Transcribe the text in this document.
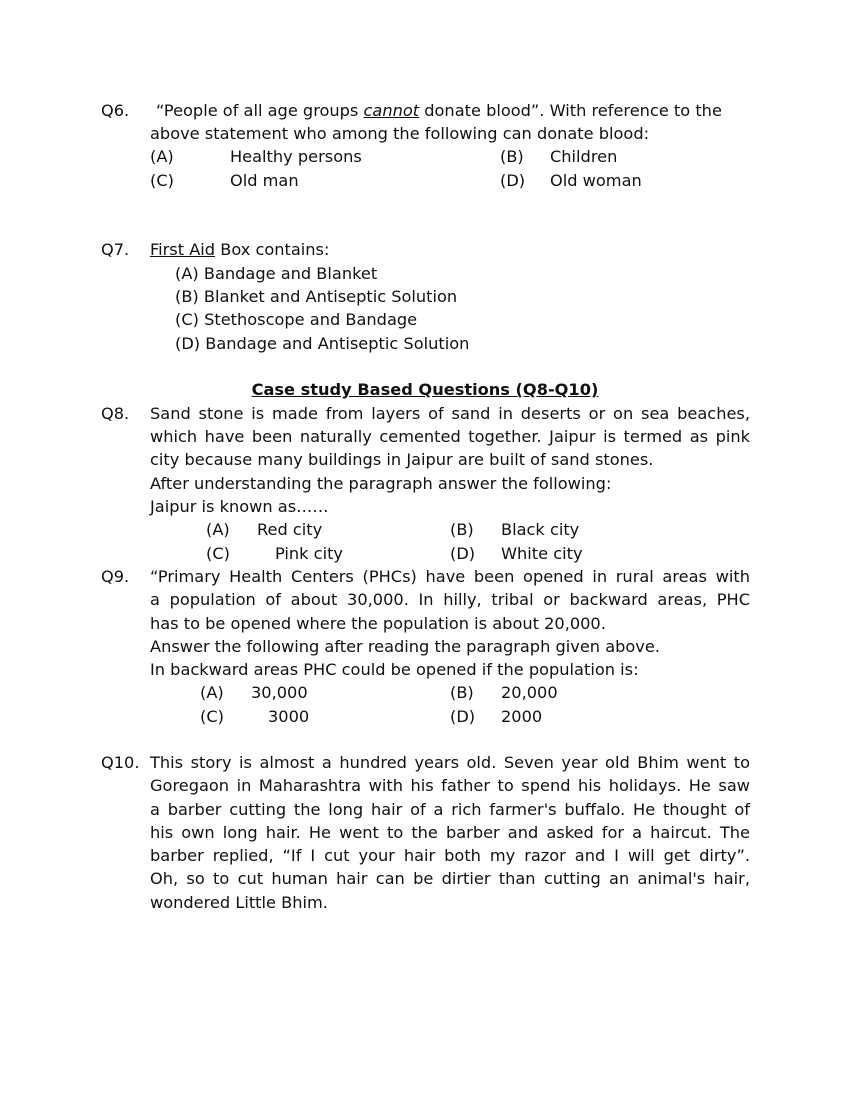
Q6. “People of all age groups cannot donate blood”. With reference to the
above statement who among the following can donate blood:
(A)	Healthy persons	(B) Children
(C)	Old man	(D) Old woman
Q7. First Aid Box contains:
(A) Bandage and Blanket
(B) Blanket and Antiseptic Solution
(C) Stethoscope and Bandage
(D) Bandage and Antiseptic Solution
Case study Based Questions (Q8-Q10)
Q8. Sand stone is made from layers of sand in deserts or on sea beaches,
which have been naturally cemented together. Jaipur is termed as pink
city because many buildings in Jaipur are built of sand stones.
After understanding the paragraph answer the following:
Jaipur is known as……
(A) Red city	(B) Black city
(C)	Pink city	(D) White city
Q9. “Primary Health Centers (PHCs) have been opened in rural areas with
a population of about 30,000. In hilly, tribal or backward areas, PHC
has to be opened where the population is about 20,000.
Answer the following after reading the paragraph given above.
In backward areas PHC could be opened if the population is:
(A) 30,000	(B) 20,000
(C)	3000	(D) 2000
Q10. This story is almost a hundred years old. Seven year old Bhim went to
Goregaon in Maharashtra with his father to spend his holidays. He saw
a barber cutting the long hair of a rich farmer's buffalo. He thought of
his own long hair. He went to the barber and asked for a haircut. The
barber replied, “If I cut your hair both my razor and I will get dirty”.
Oh, so to cut human hair can be dirtier than cutting an animal's hair,
wondered Little Bhim.
